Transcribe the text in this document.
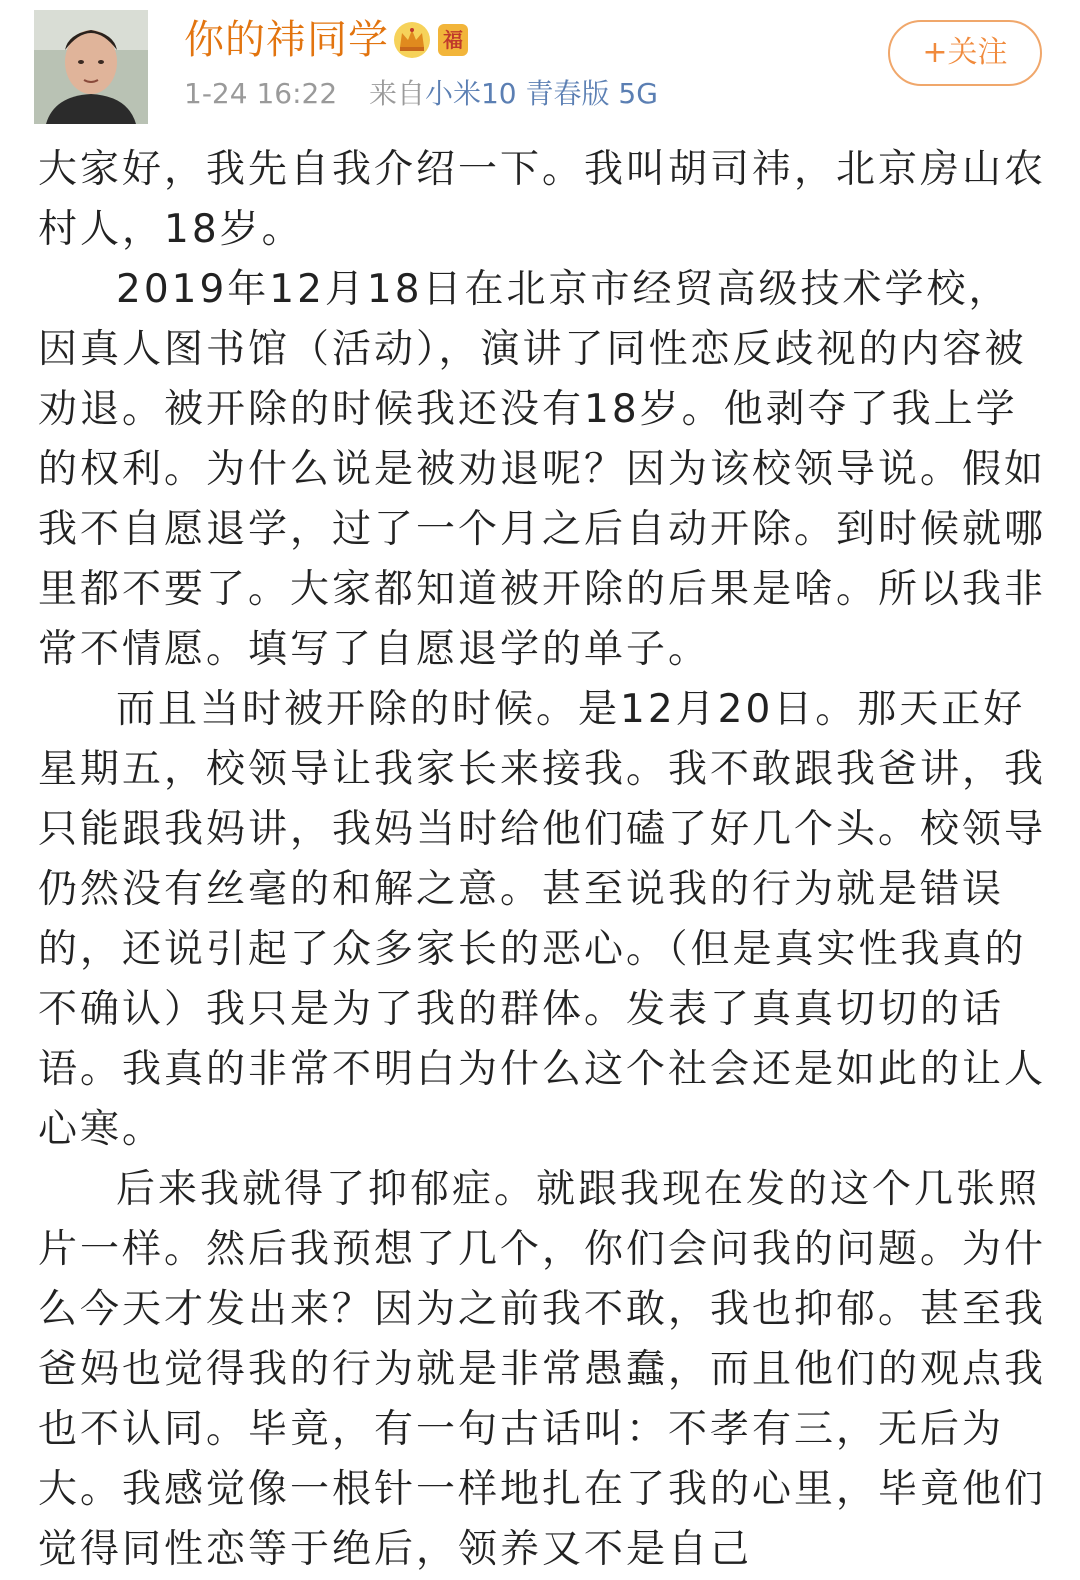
你的祎同学	福
1-24 16:22 来自小米10 青春版 5G
+关注

大家好，我先自我介绍一下。我叫胡司祎，北京房山农村人，18岁。

2019年12月18日在北京市经贸高级技术学校，因真人图书馆（活动），演讲了同性恋反歧视的内容被劝退。被开除的时候我还没有18岁。他剥夺了我上学的权利。为什么说是被劝退呢？因为该校领导说。假如我不自愿退学，过了一个月之后自动开除。到时候就哪里都不要了。大家都知道被开除的后果是啥。所以我非常不情愿。填写了自愿退学的单子。

而且当时被开除的时候。是12月20日。那天正好星期五，校领导让我家长来接我。我不敢跟我爸讲，我只能跟我妈讲，我妈当时给他们磕了好几个头。校领导仍然没有丝毫的和解之意。甚至说我的行为就是错误的，还说引起了众多家长的恶心。（但是真实性我真的不确认）我只是为了我的群体。发表了真真切切的话语。我真的非常不明白为什么这个社会还是如此的让人心寒。

后来我就得了抑郁症。就跟我现在发的这个几张照片一样。然后我预想了几个，你们会问我的问题。为什么今天才发出来？因为之前我不敢，我也抑郁。甚至我爸妈也觉得我的行为就是非常愚蠢，而且他们的观点我也不认同。毕竟，有一句古话叫：不孝有三，无后为大。我感觉像一根针一样地扎在了我的心里，毕竟他们觉得同性恋等于绝后，领养又不是自己
